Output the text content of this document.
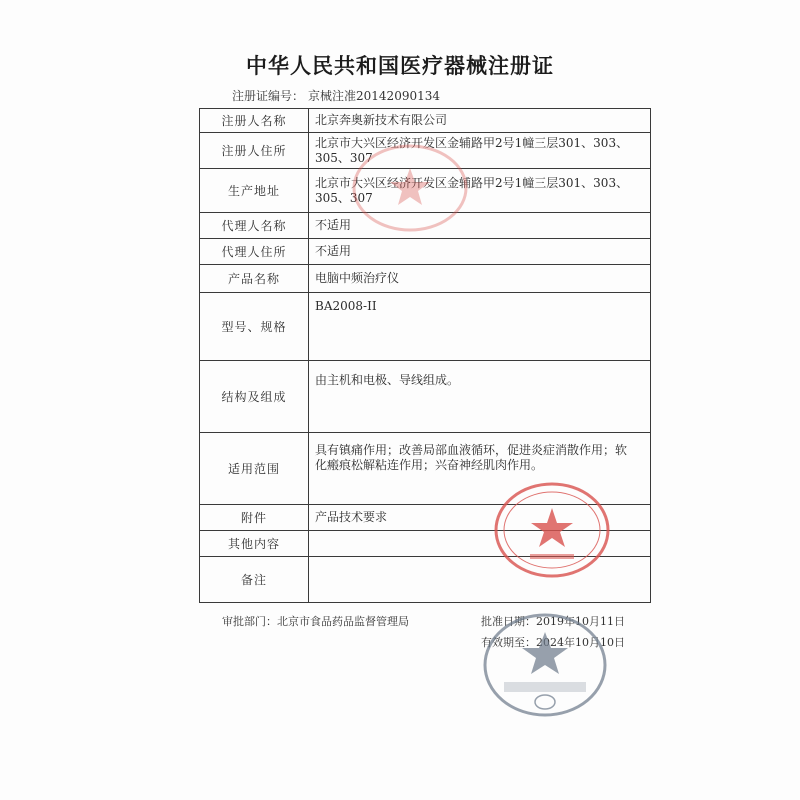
中华人民共和国医疗器械注册证
注册证编号： 京械注准20142090134
注册人名称	北京奔奥新技术有限公司
注册人住所	北京市大兴区经济开发区金辅路甲2号1幢三层301、303、305、307
生产地址	北京市大兴区经济开发区金辅路甲2号1幢三层301、303、305、307
代理人名称	不适用
代理人住所	不适用
产品名称	电脑中频治疗仪
型号、规格	BA2008-II
结构及组成	由主机和电极、导线组成。
适用范围	具有镇痛作用；改善局部血液循环，促进炎症消散作用；软化瘢痕松解粘连作用；兴奋神经肌肉作用。
附件	产品技术要求
其他内容	
备注	
审批部门：北京市食品药品监督管理局	批准日期：2019年10月11日
有效期至：2024年10月10日
